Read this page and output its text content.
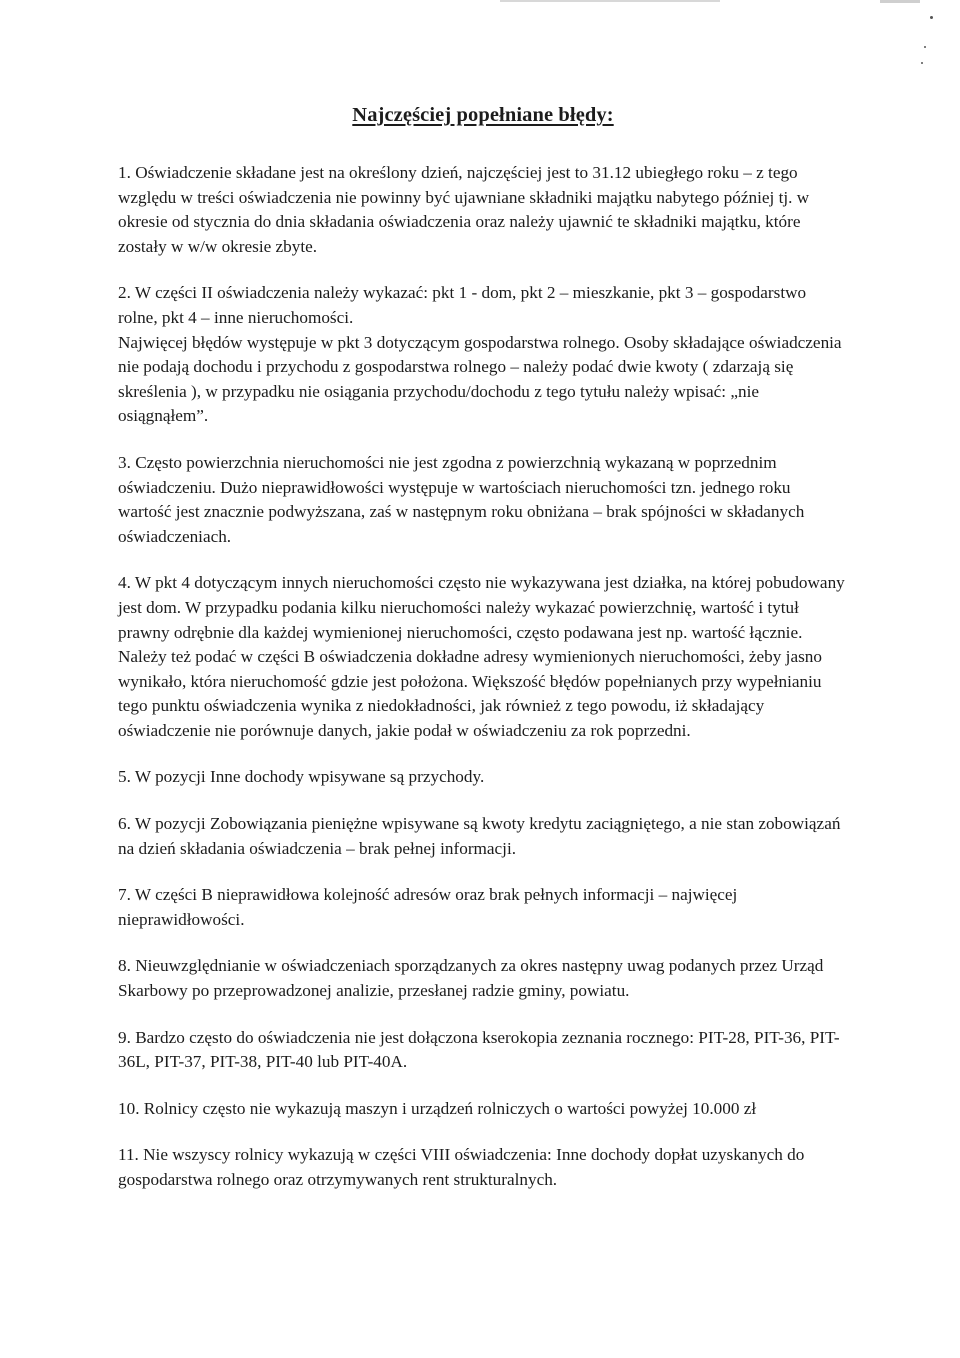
Najczęściej popełniane błędy:

1. Oświadczenie składane jest na określony dzień, najczęściej jest to 31.12 ubiegłego roku – z tego względu w treści oświadczenia nie powinny być ujawniane składniki majątku nabytego później tj. w okresie od stycznia do dnia składania oświadczenia oraz należy ujawnić te składniki majątku, które zostały w w/w okresie zbyte.

2. W części II oświadczenia należy wykazać: pkt 1 - dom, pkt 2 – mieszkanie, pkt 3 – gospodarstwo rolne, pkt 4 – inne nieruchomości.

Najwięcej błędów występuje w pkt 3 dotyczącym gospodarstwa rolnego. Osoby składające oświadczenia nie podają dochodu i przychodu z gospodarstwa rolnego – należy podać dwie kwoty ( zdarzają się skreślenia ), w przypadku nie osiągania przychodu/dochodu z tego tytułu należy wpisać: „nie osiągnąłem”.

3. Często powierzchnia nieruchomości nie jest zgodna z powierzchnią wykazaną w poprzednim oświadczeniu. Dużo nieprawidłowości występuje w wartościach nieruchomości tzn. jednego roku wartość jest znacznie podwyższana, zaś w następnym roku obniżana – brak spójności w składanych oświadczeniach.

4. W pkt 4 dotyczącym innych nieruchomości często nie wykazywana jest działka, na której pobudowany jest dom. W przypadku podania kilku nieruchomości należy wykazać powierzchnię, wartość i tytuł prawny odrębnie dla każdej wymienionej nieruchomości, często podawana jest np. wartość łącznie. Należy też podać w części B oświadczenia dokładne adresy wymienionych nieruchomości, żeby jasno wynikało, która nieruchomość gdzie jest położona. Większość błędów popełnianych przy wypełnianiu tego punktu oświadczenia wynika z niedokładności, jak również z tego powodu, iż składający oświadczenie nie porównuje danych, jakie podał w oświadczeniu za rok poprzedni.

5. W pozycji Inne dochody wpisywane są przychody.

6. W pozycji Zobowiązania pieniężne wpisywane są kwoty kredytu zaciągniętego, a nie stan zobowiązań na dzień składania oświadczenia – brak pełnej informacji.

7. W części B nieprawidłowa kolejność adresów oraz brak pełnych informacji – najwięcej nieprawidłowości.

8. Nieuwzględnianie w oświadczeniach sporządzanych za okres następny uwag podanych przez Urząd Skarbowy po przeprowadzonej analizie, przesłanej radzie gminy, powiatu.

9. Bardzo często do oświadczenia nie jest dołączona kserokopia zeznania rocznego: PIT-28, PIT-36, PIT-36L, PIT-37, PIT-38, PIT-40 lub PIT-40A.

10. Rolnicy często nie wykazują maszyn i urządzeń rolniczych o wartości powyżej 10.000 zł

11. Nie wszyscy rolnicy wykazują w części VIII oświadczenia: Inne dochody dopłat uzyskanych do gospodarstwa rolnego oraz otrzymywanych rent strukturalnych.
